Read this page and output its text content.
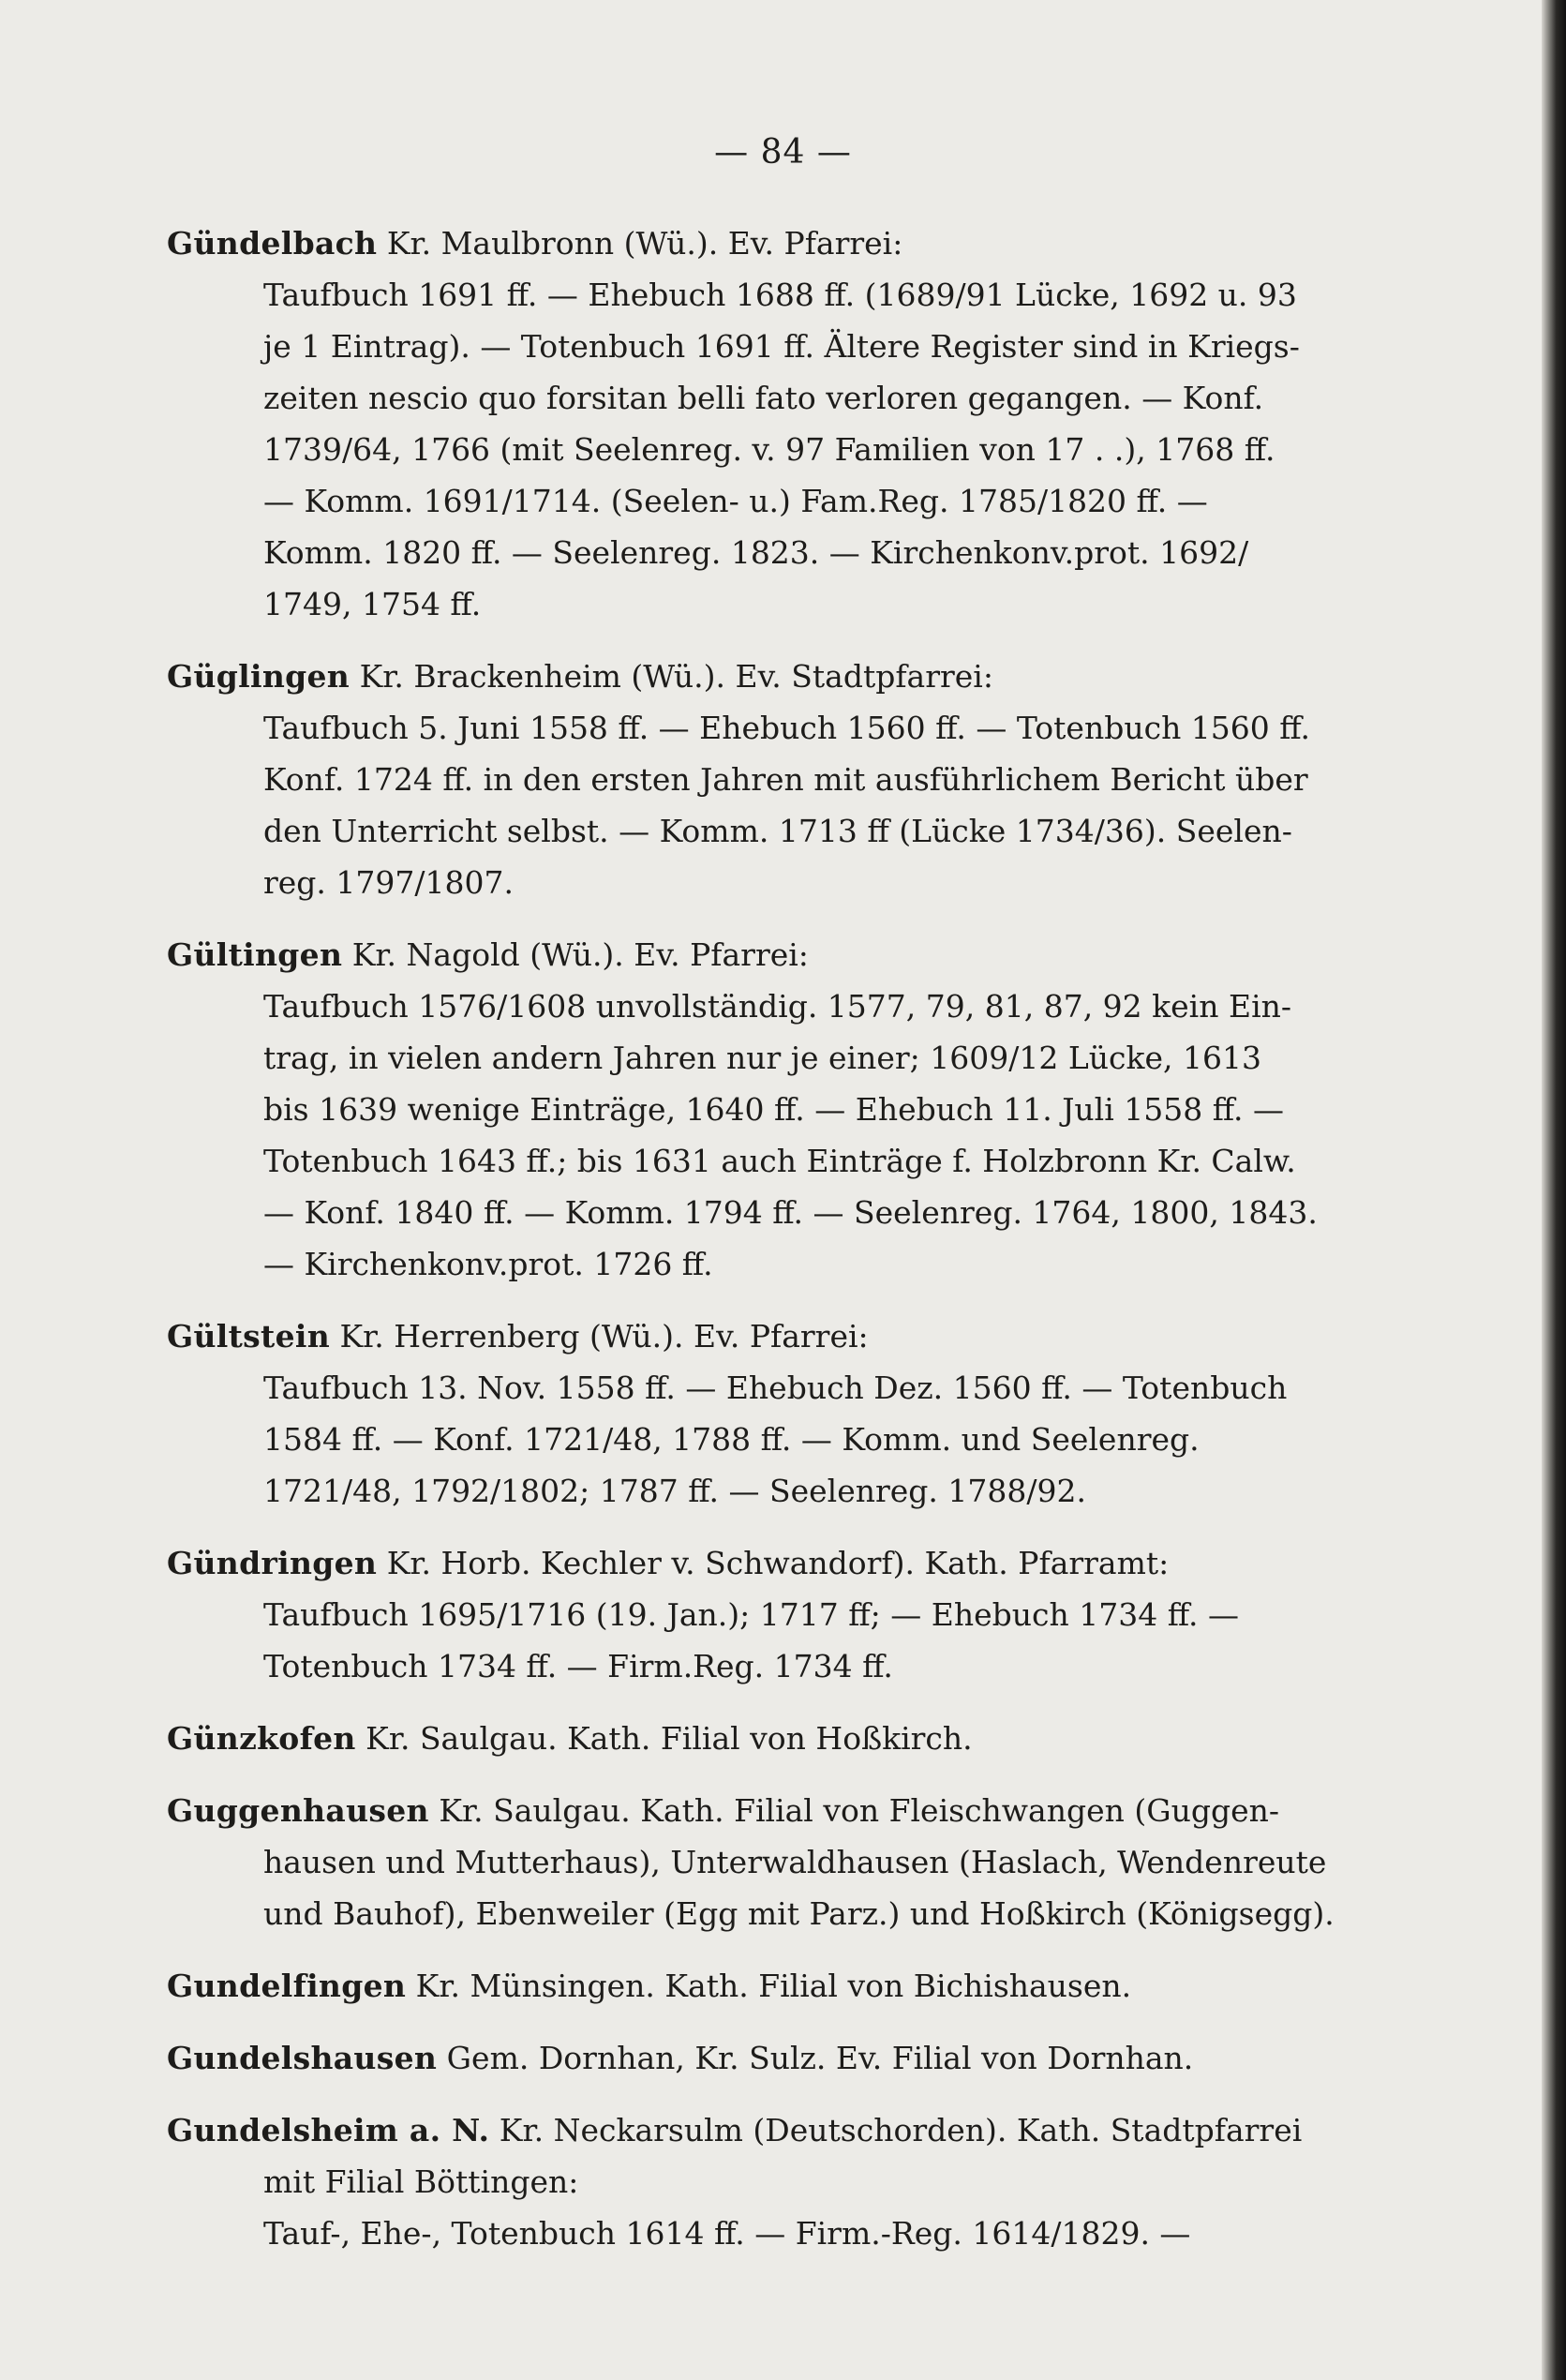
— 84 —
Gündelbach Kr. Maulbronn (Wü.). Ev. Pfarrei:
Taufbuch 1691 ff. — Ehebuch 1688 ff. (1689/91 Lücke, 1692 u. 93
je 1 Eintrag). — Totenbuch 1691 ff. Ältere Register sind in Kriegs-
zeiten nescio quo forsitan belli fato verloren gegangen. — Konf.
1739/64, 1766 (mit Seelenreg. v. 97 Familien von 17 . .), 1768 ff.
— Komm. 1691/1714. (Seelen- u.) Fam.Reg. 1785/1820 ff. —
Komm. 1820 ff. — Seelenreg. 1823. — Kirchenkonv.prot. 1692/
1749, 1754 ff.
Güglingen Kr. Brackenheim (Wü.). Ev. Stadtpfarrei:
Taufbuch 5. Juni 1558 ff. — Ehebuch 1560 ff. — Totenbuch 1560 ff.
Konf. 1724 ff. in den ersten Jahren mit ausführlichem Bericht über
den Unterricht selbst. — Komm. 1713 ff (Lücke 1734/36). Seelen-
reg. 1797/1807.
Gültingen Kr. Nagold (Wü.). Ev. Pfarrei:
Taufbuch 1576/1608 unvollständig. 1577, 79, 81, 87, 92 kein Ein-
trag, in vielen andern Jahren nur je einer; 1609/12 Lücke, 1613
bis 1639 wenige Einträge, 1640 ff. — Ehebuch 11. Juli 1558 ff. —
Totenbuch 1643 ff.; bis 1631 auch Einträge f. Holzbronn Kr. Calw.
— Konf. 1840 ff. — Komm. 1794 ff. — Seelenreg. 1764, 1800, 1843.
— Kirchenkonv.prot. 1726 ff.
Gültstein Kr. Herrenberg (Wü.). Ev. Pfarrei:
Taufbuch 13. Nov. 1558 ff. — Ehebuch Dez. 1560 ff. — Totenbuch
1584 ff. — Konf. 1721/48, 1788 ff. — Komm. und Seelenreg.
1721/48, 1792/1802; 1787 ff. — Seelenreg. 1788/92.
Gündringen Kr. Horb. Kechler v. Schwandorf). Kath. Pfarramt:
Taufbuch 1695/1716 (19. Jan.); 1717 ff; — Ehebuch 1734 ff. —
Totenbuch 1734 ff. — Firm.Reg. 1734 ff.
Günzkofen Kr. Saulgau. Kath. Filial von Hoßkirch.
Guggenhausen Kr. Saulgau. Kath. Filial von Fleischwangen (Guggen-
hausen und Mutterhaus), Unterwaldhausen (Haslach, Wendenreute
und Bauhof), Ebenweiler (Egg mit Parz.) und Hoßkirch (Königsegg).
Gundelfingen Kr. Münsingen. Kath. Filial von Bichishausen.
Gundelshausen Gem. Dornhan, Kr. Sulz. Ev. Filial von Dornhan.
Gundelsheim a. N. Kr. Neckarsulm (Deutschorden). Kath. Stadtpfarrei
mit Filial Böttingen:
Tauf-, Ehe-, Totenbuch 1614 ff. — Firm.-Reg. 1614/1829. —
